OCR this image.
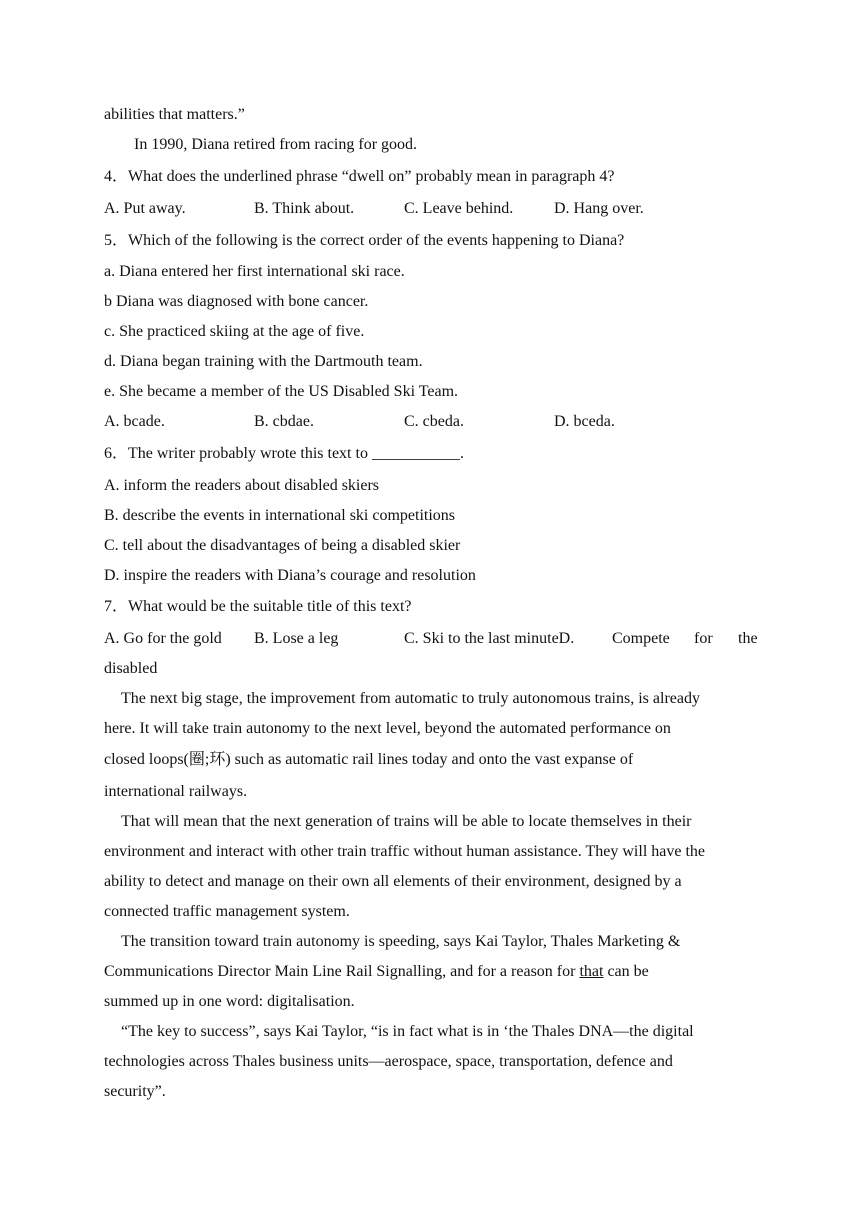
abilities that matters.”
In 1990, Diana retired from racing for good.
4．What does the underlined phrase “dwell on” probably mean in paragraph 4?
A. Put away.	B. Think about.	C. Leave behind.	D. Hang over.
5．Which of the following is the correct order of the events happening to Diana?
a. Diana entered her first international ski race.
b Diana was diagnosed with bone cancer.
c. She practiced skiing at the age of five.
d. Diana began training with the Dartmouth team.
e. She became a member of the US Disabled Ski Team.
A. bcade.	B. cbdae.	C. cbeda.	D. bceda.
6．The writer probably wrote this text to ___________.
A. inform the readers about disabled skiers
B. describe the events in international ski competitions
C. tell about the disadvantages of being a disabled skier
D. inspire the readers with Diana’s courage and resolution
7．What would be the suitable title of this text?
A. Go for the gold B. Lose a leg	C. Ski to the last minuteD. Compete for the
disabled
The next big stage, the improvement from automatic to truly autonomous trains, is already
here. It will take train autonomy to the next level, beyond the automated performance on
closed loops(圈;环) such as automatic rail lines today and onto the vast expanse of
international railways.
That will mean that the next generation of trains will be able to locate themselves in their
environment and interact with other train traffic without human assistance. They will have the
ability to detect and manage on their own all elements of their environment, designed by a
connected traffic management system.
The transition toward train autonomy is speeding, says Kai Taylor, Thales Marketing &
Communications Director Main Line Rail Signalling, and for a reason for that can be
summed up in one word: digitalisation.
“The key to success”, says Kai Taylor, “is in fact what is in ‘the Thales DNA—the digital
technologies across Thales business units—aerospace, space, transportation, defence and
security”.
